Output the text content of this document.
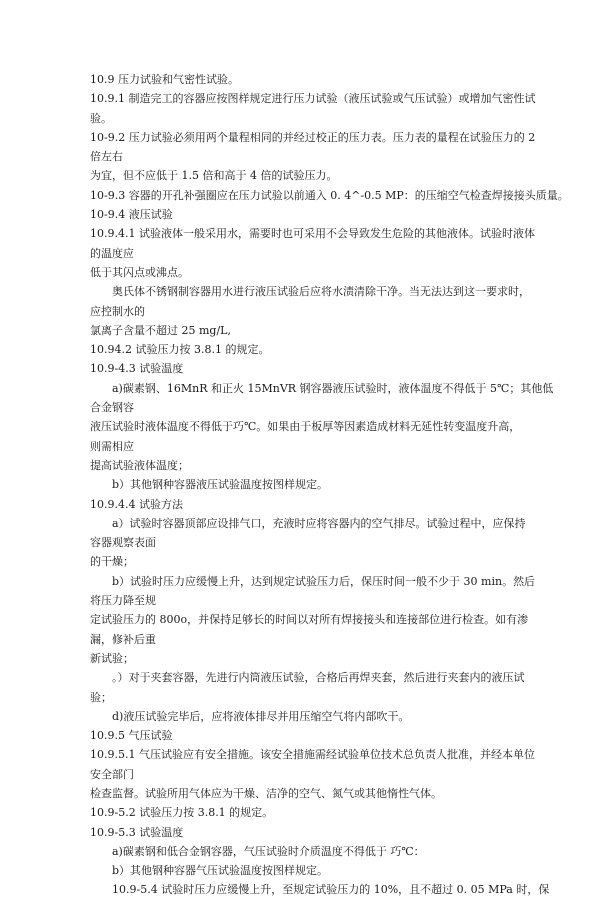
10.9 压力试验和气密性试验。
10.9.1 制造完工的容器应按图样规定进行压力试验（液压试验或气压试验）或增加气密性试
验。
10-9.2 压力试验必须用两个量程相同的并经过校正的压力表。压力表的量程在试验压力的 2
倍左右
为宜，但不应低于 1.5 倍和高于 4 倍的试验压力。
10-9.3 容器的开孔补强圈应在压力试验以前通入 0. 4^-0.5 MP：的压缩空气检查焊接接头质量。
10-9.4 液压试验
10.9.4.1 试验液体一般采用水，需要时也可采用不会导致发生危险的其他液体。试验时液体
的温度应
低于其闪点或沸点。
奥氏体不锈钢制容器用水进行液压试验后应将水渍清除干净。当无法达到这一要求时，
应控制水的
氯离子含量不超过 25 mg/L,
10.94.2 试验压力按 3.8.1 的规定。
10.9-4.3 试验温度
a)碳素钢、16MnR 和正火 15MnVR 钢容器液压试验时，液体温度不得低于 5℃；其他低
合金钢容
液压试验时液体温度不得低于巧℃。如果由于板厚等因素造成材料无延性转变温度升高，
则需相应
提高试验液体温度；
b）其他钢种容器液压试验温度按图样规定。
10.9.4.4 试验方法
a）试验时容器顶部应设排气口，充液时应将容器内的空气排尽。试验过程中，应保持
容器观察表面
的干燥；
b）试验时压力应缓慢上升，达到规定试验压力后，保压时间一般不少于 30 min。然后
将压力降至规
定试验压力的 800o，并保持足够长的时间以对所有焊接接头和连接部位进行检查。如有渗
漏，修补后重
新试验；
。）对于夹套容器，先进行内筒液压试验，合格后再焊夹套，然后进行夹套内的液压试
验；
d)液压试验完毕后，应将液体排尽并用压缩空气将内部吹干。
10.9.5 气压试验
10.9.5.1 气压试验应有安全措施。该安全措施需经试验单位技术总负责人批准，并经本单位
安全部门
检查监督。试验所用气体应为干燥、洁净的空气、氮气或其他惰性气体。
10.9-5.2 试验压力按 3.8.1 的规定。
10.9-5.3 试验温度
a)碳素钢和低合金钢容器，气压试验时介质温度不得低于 巧℃：
b）其他钢种容器气压试验温度按图样规定。
10.9-5.4 试验时压力应缓慢上升，至规定试验压力的 10%，且不超过 0. 05 MPa 时，保
